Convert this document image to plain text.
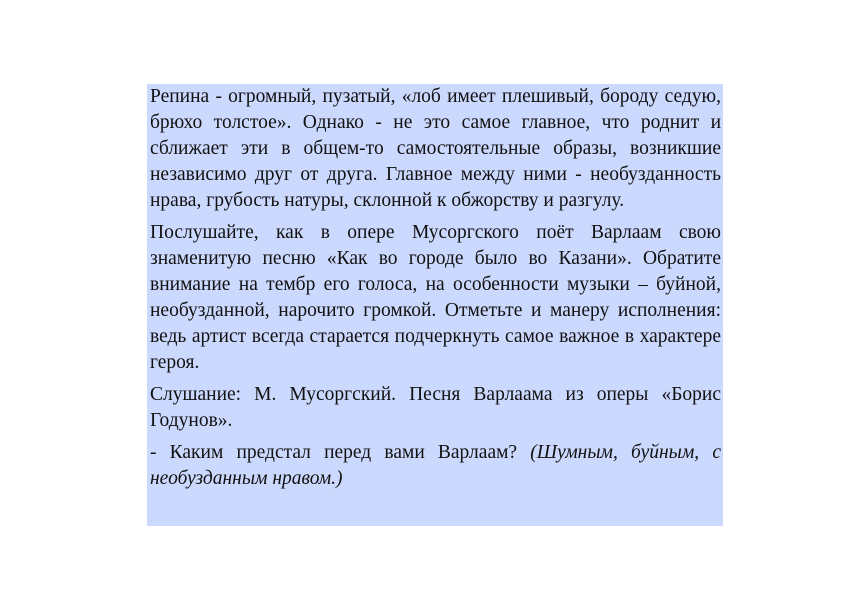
Репина - огромный, пузатый, «лоб имеет плешивый, бороду седую, брюхо толстое». Однако - не это самое главное, что роднит и сближает эти в общем-то самостоятельные образы, возникшие независимо друг от друга. Главное между ними - необузданность нрава, грубость натуры, склонной к обжорству и разгулу.

Послушайте, как в опере Мусоргского поёт Варлаам свою знаменитую песню «Как во городе было во Казани». Обратите внимание на тембр его голоса, на особенности музыки – буйной, необузданной, нарочито громкой. Отметьте и манеру исполнения: ведь артист всегда старается подчеркнуть самое важное в характере героя.

Слушание: М. Мусоргский. Песня Варлаама из оперы «Борис Годунов».

- Каким предстал перед вами Варлаам? (Шумным, буйным, с необузданным нравом.)
